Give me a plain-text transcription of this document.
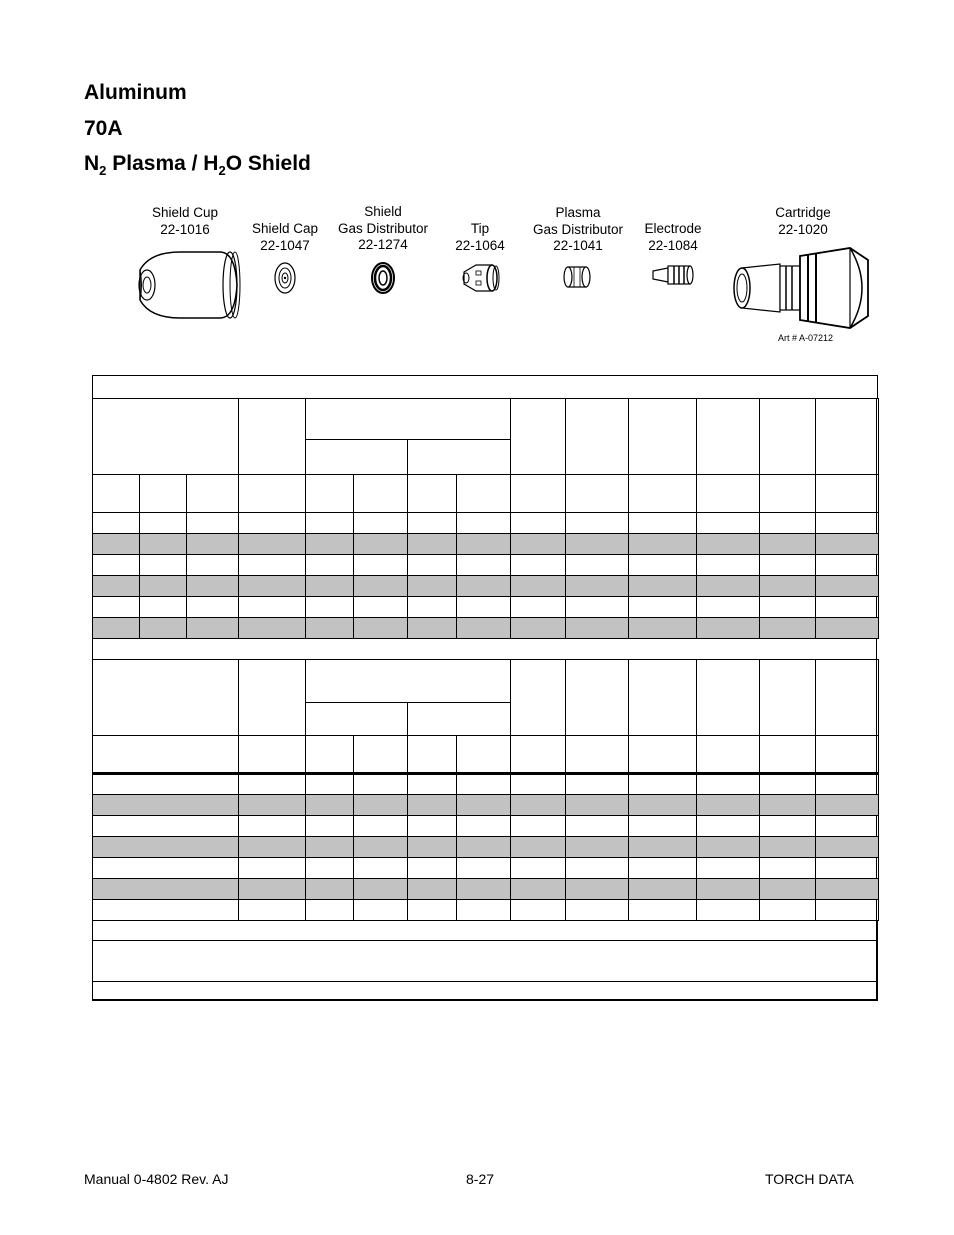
Aluminum
70A
$N_2$ Plasma / $H_2O$ Shield
Shield Cup
22-1016	Shield Cap
22-1047
Shield
Gas Distributor
22-1274
Tip
22-1064
Plasma
Gas Distributor
22-1041
Electrode
22-1084
Cartridge
22-1020
Art # A-07212

Manual 0-4802 Rev. AJ	8-27	TORCH DATA
